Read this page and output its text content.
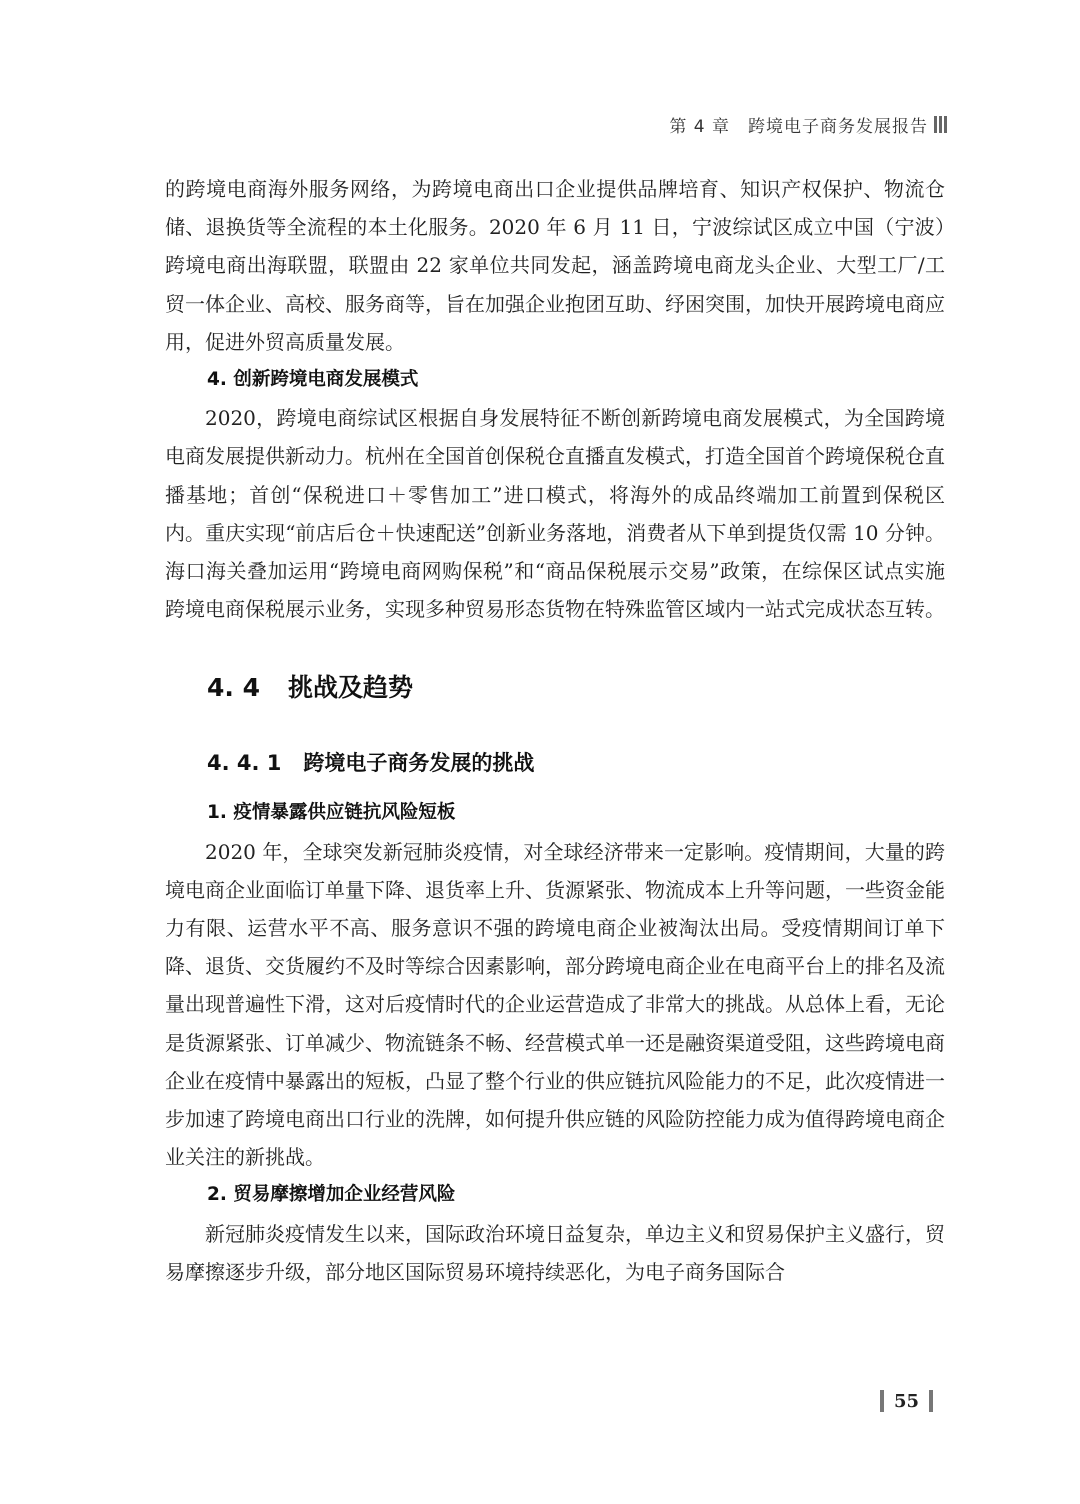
第 4 章 跨境电子商务发展报告

的跨境电商海外服务网络，为跨境电商出口企业提供品牌培育、知识产权保护、物流仓储、退换货等全流程的本土化服务。2020 年 6 月 11 日，宁波综试区成立中国（宁波）跨境电商出海联盟，联盟由 22 家单位共同发起，涵盖跨境电商龙头企业、大型工厂/工贸一体企业、高校、服务商等，旨在加强企业抱团互助、纾困突围，加快开展跨境电商应用，促进外贸高质量发展。

4. 创新跨境电商发展模式

2020，跨境电商综试区根据自身发展特征不断创新跨境电商发展模式，为全国跨境电商发展提供新动力。杭州在全国首创保税仓直播直发模式，打造全国首个跨境保税仓直播基地；首创“保税进口＋零售加工”进口模式，将海外的成品终端加工前置到保税区内。重庆实现“前店后仓＋快速配送”创新业务落地，消费者从下单到提货仅需 10 分钟。海口海关叠加运用“跨境电商网购保税”和“商品保税展示交易”政策，在综保区试点实施跨境电商保税展示业务，实现多种贸易形态货物在特殊监管区域内一站式完成状态互转。

4. 4 挑战及趋势

4. 4. 1 跨境电子商务发展的挑战

1. 疫情暴露供应链抗风险短板

2020 年，全球突发新冠肺炎疫情，对全球经济带来一定影响。疫情期间，大量的跨境电商企业面临订单量下降、退货率上升、货源紧张、物流成本上升等问题，一些资金能力有限、运营水平不高、服务意识不强的跨境电商企业被淘汰出局。受疫情期间订单下降、退货、交货履约不及时等综合因素影响，部分跨境电商企业在电商平台上的排名及流量出现普遍性下滑，这对后疫情时代的企业运营造成了非常大的挑战。从总体上看，无论是货源紧张、订单减少、物流链条不畅、经营模式单一还是融资渠道受阻，这些跨境电商企业在疫情中暴露出的短板，凸显了整个行业的供应链抗风险能力的不足，此次疫情进一步加速了跨境电商出口行业的洗牌，如何提升供应链的风险防控能力成为值得跨境电商企业关注的新挑战。

2. 贸易摩擦增加企业经营风险

新冠肺炎疫情发生以来，国际政治环境日益复杂，单边主义和贸易保护主义盛行，贸易摩擦逐步升级，部分地区国际贸易环境持续恶化，为电子商务国际合

55
